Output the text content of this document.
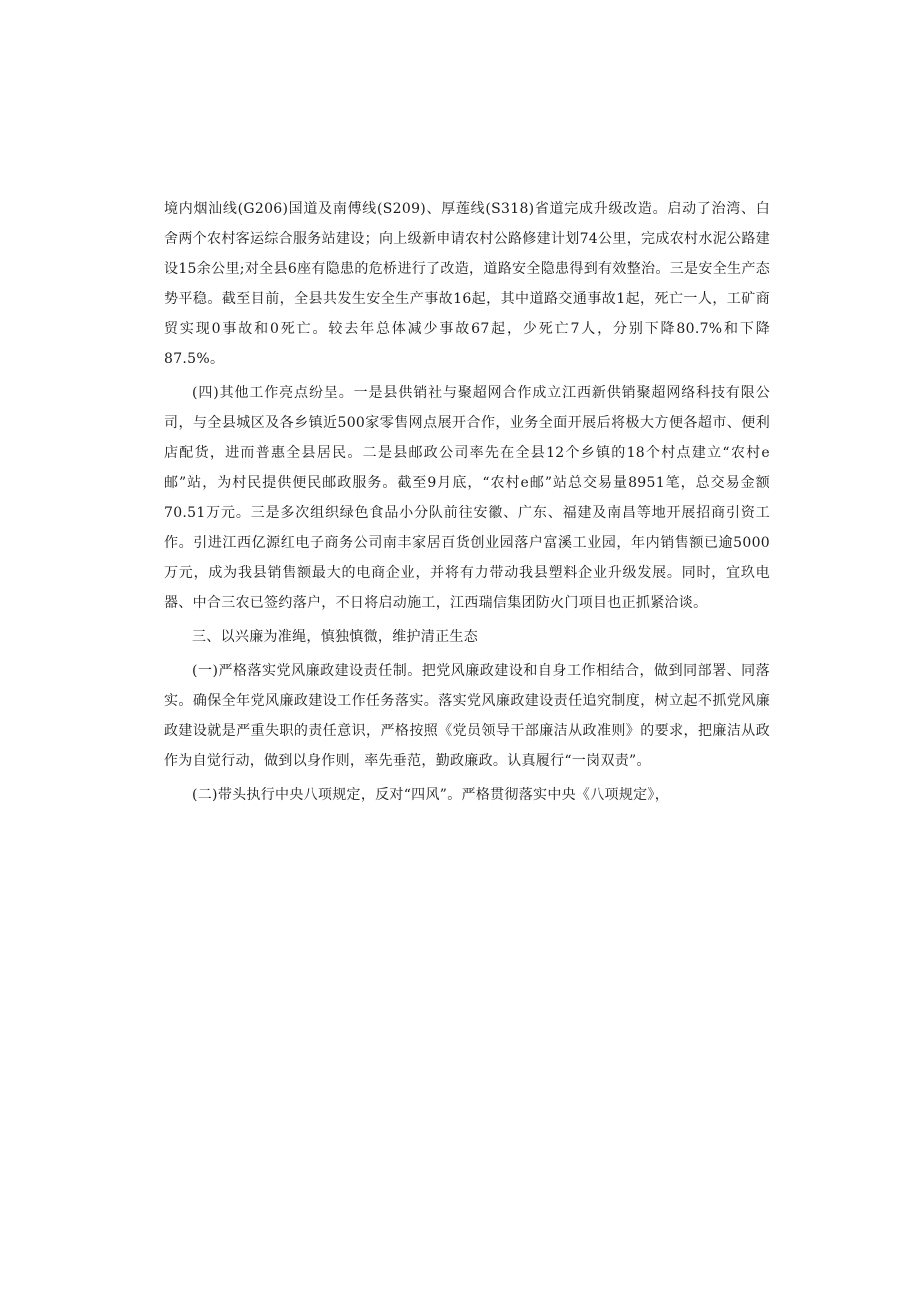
境内烟汕线(G206)国道及南傅线(S209)、厚莲线(S318)省道完成升级改造。启动了治湾、白舍两个农村客运综合服务站建设；向上级新申请农村公路修建计划74公里，完成农村水泥公路建设15余公里;对全县6座有隐患的危桥进行了改造，道路安全隐患得到有效整治。三是安全生产态势平稳。截至目前，全县共发生安全生产事故16起，其中道路交通事故1起，死亡一人，工矿商贸实现0事故和0死亡。较去年总体减少事故67起，少死亡7人，分别下降80.7%和下降87.5%。

(四)其他工作亮点纷呈。一是县供销社与聚超网合作成立江西新供销聚超网络科技有限公司，与全县城区及各乡镇近500家零售网点展开合作，业务全面开展后将极大方便各超市、便利店配货，进而普惠全县居民。二是县邮政公司率先在全县12个乡镇的18个村点建立“农村e邮”站，为村民提供便民邮政服务。截至9月底，“农村e邮”站总交易量8951笔，总交易金额70.51万元。三是多次组织绿色食品小分队前往安徽、广东、福建及南昌等地开展招商引资工作。引进江西亿源红电子商务公司南丰家居百货创业园落户富溪工业园，年内销售额已逾5000万元，成为我县销售额最大的电商企业，并将有力带动我县塑料企业升级发展。同时，宜玖电器、中合三农已签约落户，不日将启动施工，江西瑞信集团防火门项目也正抓紧洽谈。

三、以兴廉为准绳，慎独慎微，维护清正生态

(一)严格落实党风廉政建设责任制。把党风廉政建设和自身工作相结合，做到同部署、同落实。确保全年党风廉政建设工作任务落实。落实党风廉政建设责任追究制度，树立起不抓党风廉政建设就是严重失职的责任意识，严格按照《党员领导干部廉洁从政准则》的要求，把廉洁从政作为自觉行动，做到以身作则，率先垂范，勤政廉政。认真履行“一岗双责”。

(二)带头执行中央八项规定，反对“四风”。严格贯彻落实中央《八项规定》，
